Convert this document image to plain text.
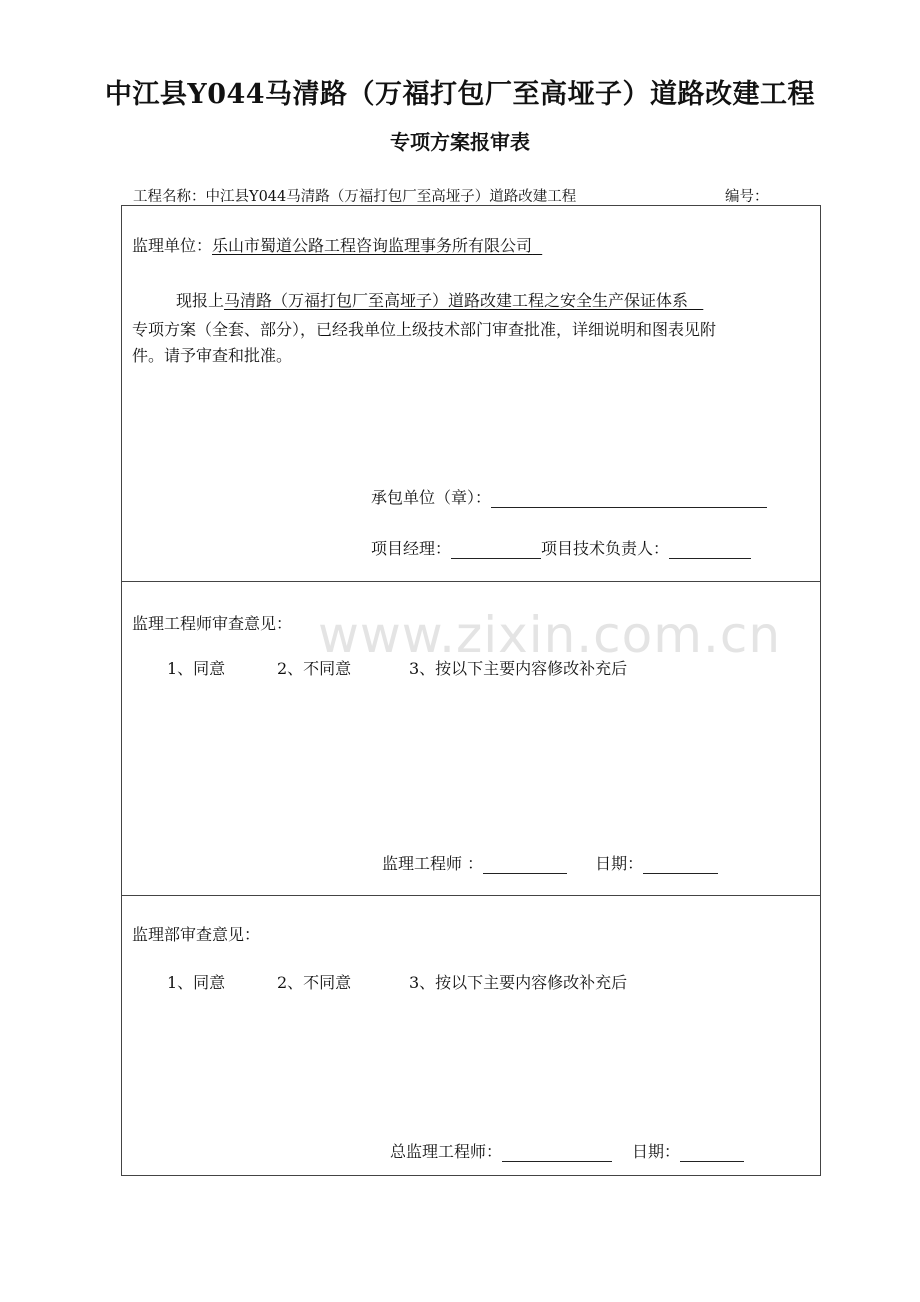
中江县Y044马清路（万福打包厂至高垭子）道路改建工程
专项方案报审表
工程名称：中江县Y044马清路（万福打包厂至高垭子）道路改建工程	编号：
监理单位：乐山市蜀道公路工程咨询监理事务所有限公司
现报上马清路（万福打包厂至高垭子）道路改建工程之安全生产保证体系
专项方案（全套、部分），已经我单位上级技术部门审查批准，详细说明和图表见附
件。请予审查和批准。
承包单位（章）：
项目经理：	项目技术负责人：
监理工程师审查意见：
1、同意	2、不同意	3、按以下主要内容修改补充后
监理工程师 ：	日期：
监理部审查意见：
1、同意	2、不同意	3、按以下主要内容修改补充后
总监理工程师：	日期：
www.zixin.com.cn
